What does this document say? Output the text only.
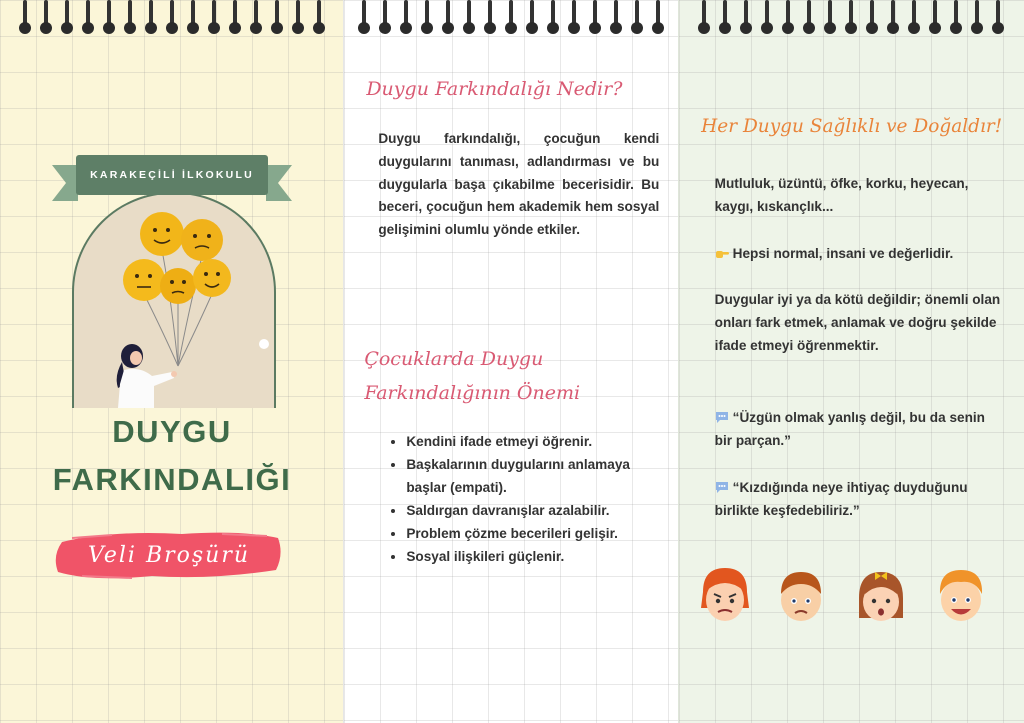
KARAKEÇİLİ İLKOKULU
DUYGU
FARKINDALIĞI
Veli Broşürü
Duygu Farkındalığı Nedir?
Duygu farkındalığı, çocuğun kendi duygularını tanıması, adlandırması ve bu duygularla başa çıkabilme becerisidir. Bu beceri, çocuğun hem akademik hem sosyal gelişimini olumlu yönde etkiler.
Çocuklarda Duygu Farkındalığının Önemi
• Kendini ifade etmeyi öğrenir.
• Başkalarının duygularını anlamaya başlar (empati).
• Saldırgan davranışlar azalabilir.
• Problem çözme becerileri gelişir.
• Sosyal ilişkileri güçlenir.
Her Duygu Sağlıklı ve Doğaldır!
Mutluluk, üzüntü, öfke, korku, heyecan, kaygı, kıskançlık...
Hepsi normal, insani ve değerlidir.
Duygular iyi ya da kötü değildir; önemli olan onları fark etmek, anlamak ve doğru şekilde ifade etmeyi öğrenmektir.
“Üzgün olmak yanlış değil, bu da senin bir parçan.”
“Kızdığında neye ihtiyaç duyduğunu birlikte keşfedebiliriz.”
